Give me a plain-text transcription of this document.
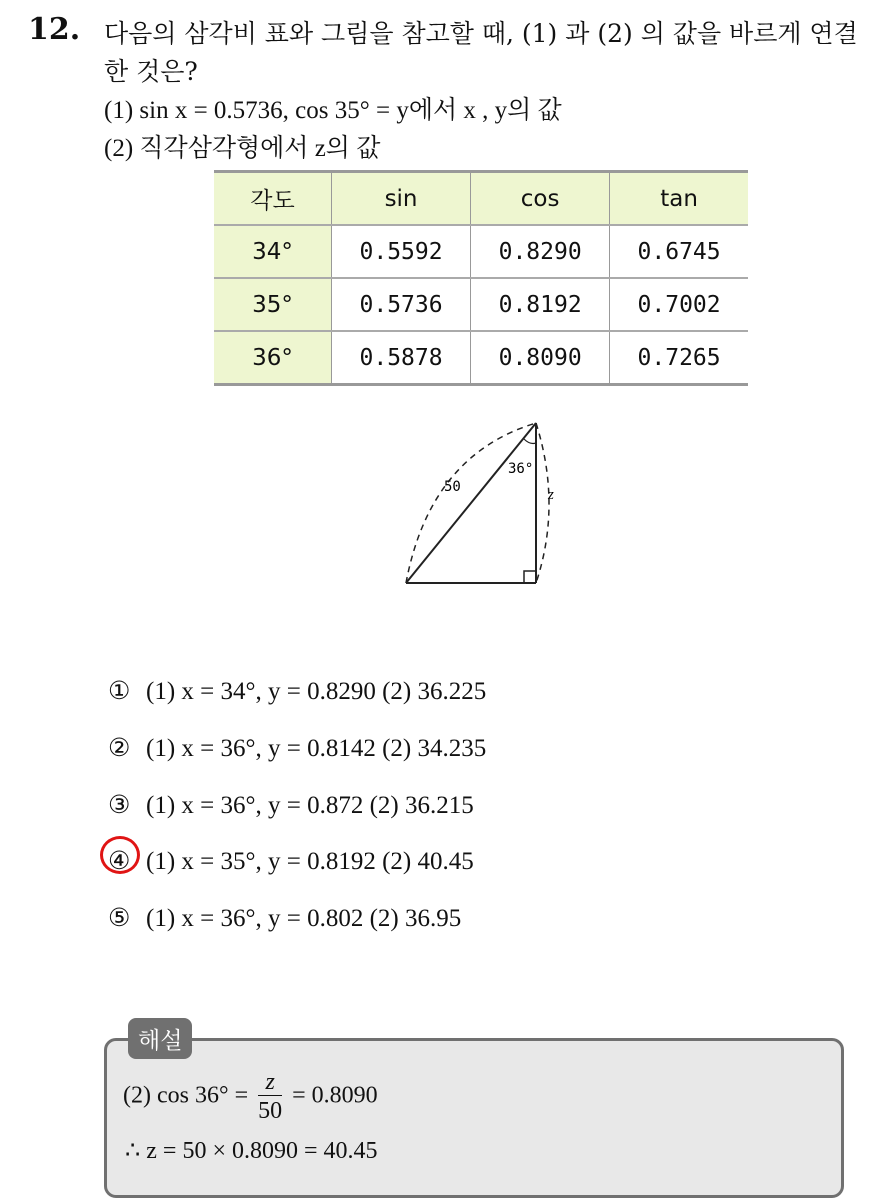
12. 다음의 삼각비 표와 그림을 참고할 때, (1) 과 (2) 의 값을 바르게 연결
한 것은?
(1) sin x = 0.5736, cos 35° = y에서 x , y의 값
(2) 직각삼각형에서 z의 값
각도	sin	cos	tan
34°	0.5592	0.8290	0.6745
35°	0.5736	0.8192	0.7002
36°	0.5878	0.8090	0.7265
50
36°
z
① (1) x = 34°, y = 0.8290 (2) 36.225
② (1) x = 36°, y = 0.8142 (2) 34.235
③ (1) x = 36°, y = 0.872 (2) 36.215
④ (1) x = 35°, y = 0.8192 (2) 40.45
⑤ (1) x = 36°, y = 0.802 (2) 36.95
(2) $\cos 36^\circ = \frac{z}{50} = 0.8090$
∴ z = 50 × 0.8090 = 40.45
해설
